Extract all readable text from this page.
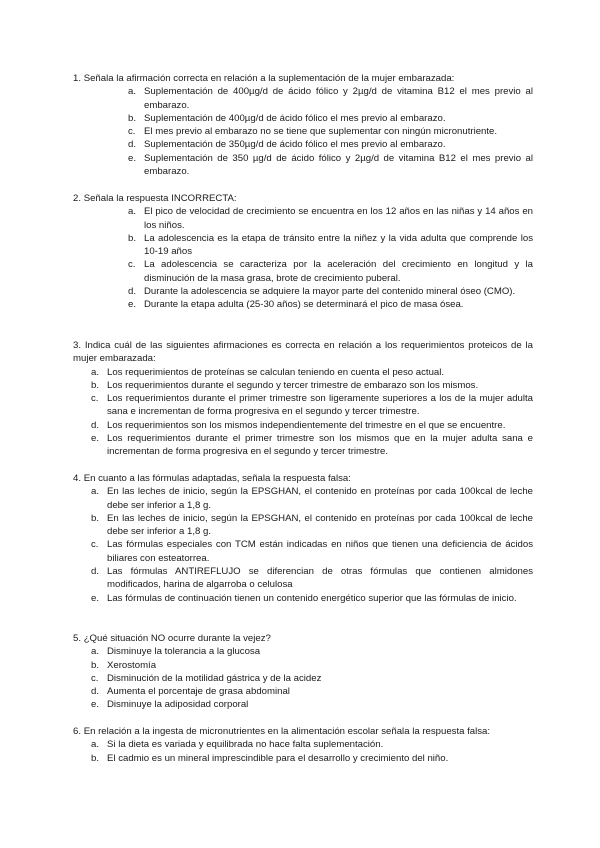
1.
Señala la afirmación correcta en relación a la suplementación de la mujer embarazada:
a. Suplementación de 400µg/d de ácido fólico y 2µg/d de vitamina B12 el mes previo al embarazo.
b. Suplementación de 400µg/d de ácido fólico el mes previo al embarazo.
c. El mes previo al embarazo no se tiene que suplementar con ningún micronutriente.
d. Suplementación de 350µg/d de ácido fólico el mes previo al embarazo.
e. Suplementación de 350 µg/d de ácido fólico y 2µg/d de vitamina B12 el mes previo al embarazo.
2.
Señala la respuesta INCORRECTA:
a. El pico de velocidad de crecimiento se encuentra en los 12 años en las niñas y 14 años en los niños.
b. La adolescencia es la etapa de tránsito entre la niñez y la vida adulta que comprende los 10-19 años
c. La adolescencia se caracteriza por la aceleración del crecimiento en longitud y la disminución de la masa grasa, brote de crecimiento puberal.
d. Durante la adolescencia se adquiere la mayor parte del contenido mineral óseo (CMO).
e. Durante la etapa adulta (25-30 años) se determinará el pico de masa ósea.
3. Indica cuál de las siguientes afirmaciones es correcta en relación a los requerimientos proteicos de la mujer embarazada:
a. Los requerimientos de proteínas se calculan teniendo en cuenta el peso actual.
b. Los requerimientos durante el segundo y tercer trimestre de embarazo son los mismos.
c. Los requerimientos durante el primer trimestre son ligeramente superiores a los de la mujer adulta sana e incrementan de forma progresiva en el segundo y tercer trimestre.
d. Los requerimientos son los mismos independientemente del trimestre en el que se encuentre.
e. Los requerimientos durante el primer trimestre son los mismos que en la mujer adulta sana e incrementan de forma progresiva en el segundo y tercer trimestre.
4. En cuanto a las fórmulas adaptadas, señala la respuesta falsa:
a. En las leches de inicio, según la EPSGHAN, el contenido en proteínas por cada 100kcal de leche debe ser inferior a 1,8 g.
b. En las leches de inicio, según la EPSGHAN, el contenido en proteínas por cada 100kcal de leche debe ser inferior a 1,8 g.
c. Las fórmulas especiales con TCM están indicadas en niños que tienen una deficiencia de ácidos biliares con esteatorrea.
d. Las fórmulas ANTIREFLUJO se diferencian de otras fórmulas que contienen almidones modificados, harina de algarroba o celulosa
e. Las fórmulas de continuación tienen un contenido energético superior que las fórmulas de inicio.
5. ¿Qué situación NO ocurre durante la vejez?
a. Disminuye la tolerancia a la glucosa
b. Xerostomía
c. Disminución de la motilidad gástrica y de la acidez
d. Aumenta el porcentaje de grasa abdominal
e. Disminuye la adiposidad corporal
6. En relación a la ingesta de micronutrientes en la alimentación escolar señala la respuesta falsa:
a. Si la dieta es variada y equilibrada no hace falta suplementación.
b. El cadmio es un mineral imprescindible para el desarrollo y crecimiento del niño.
